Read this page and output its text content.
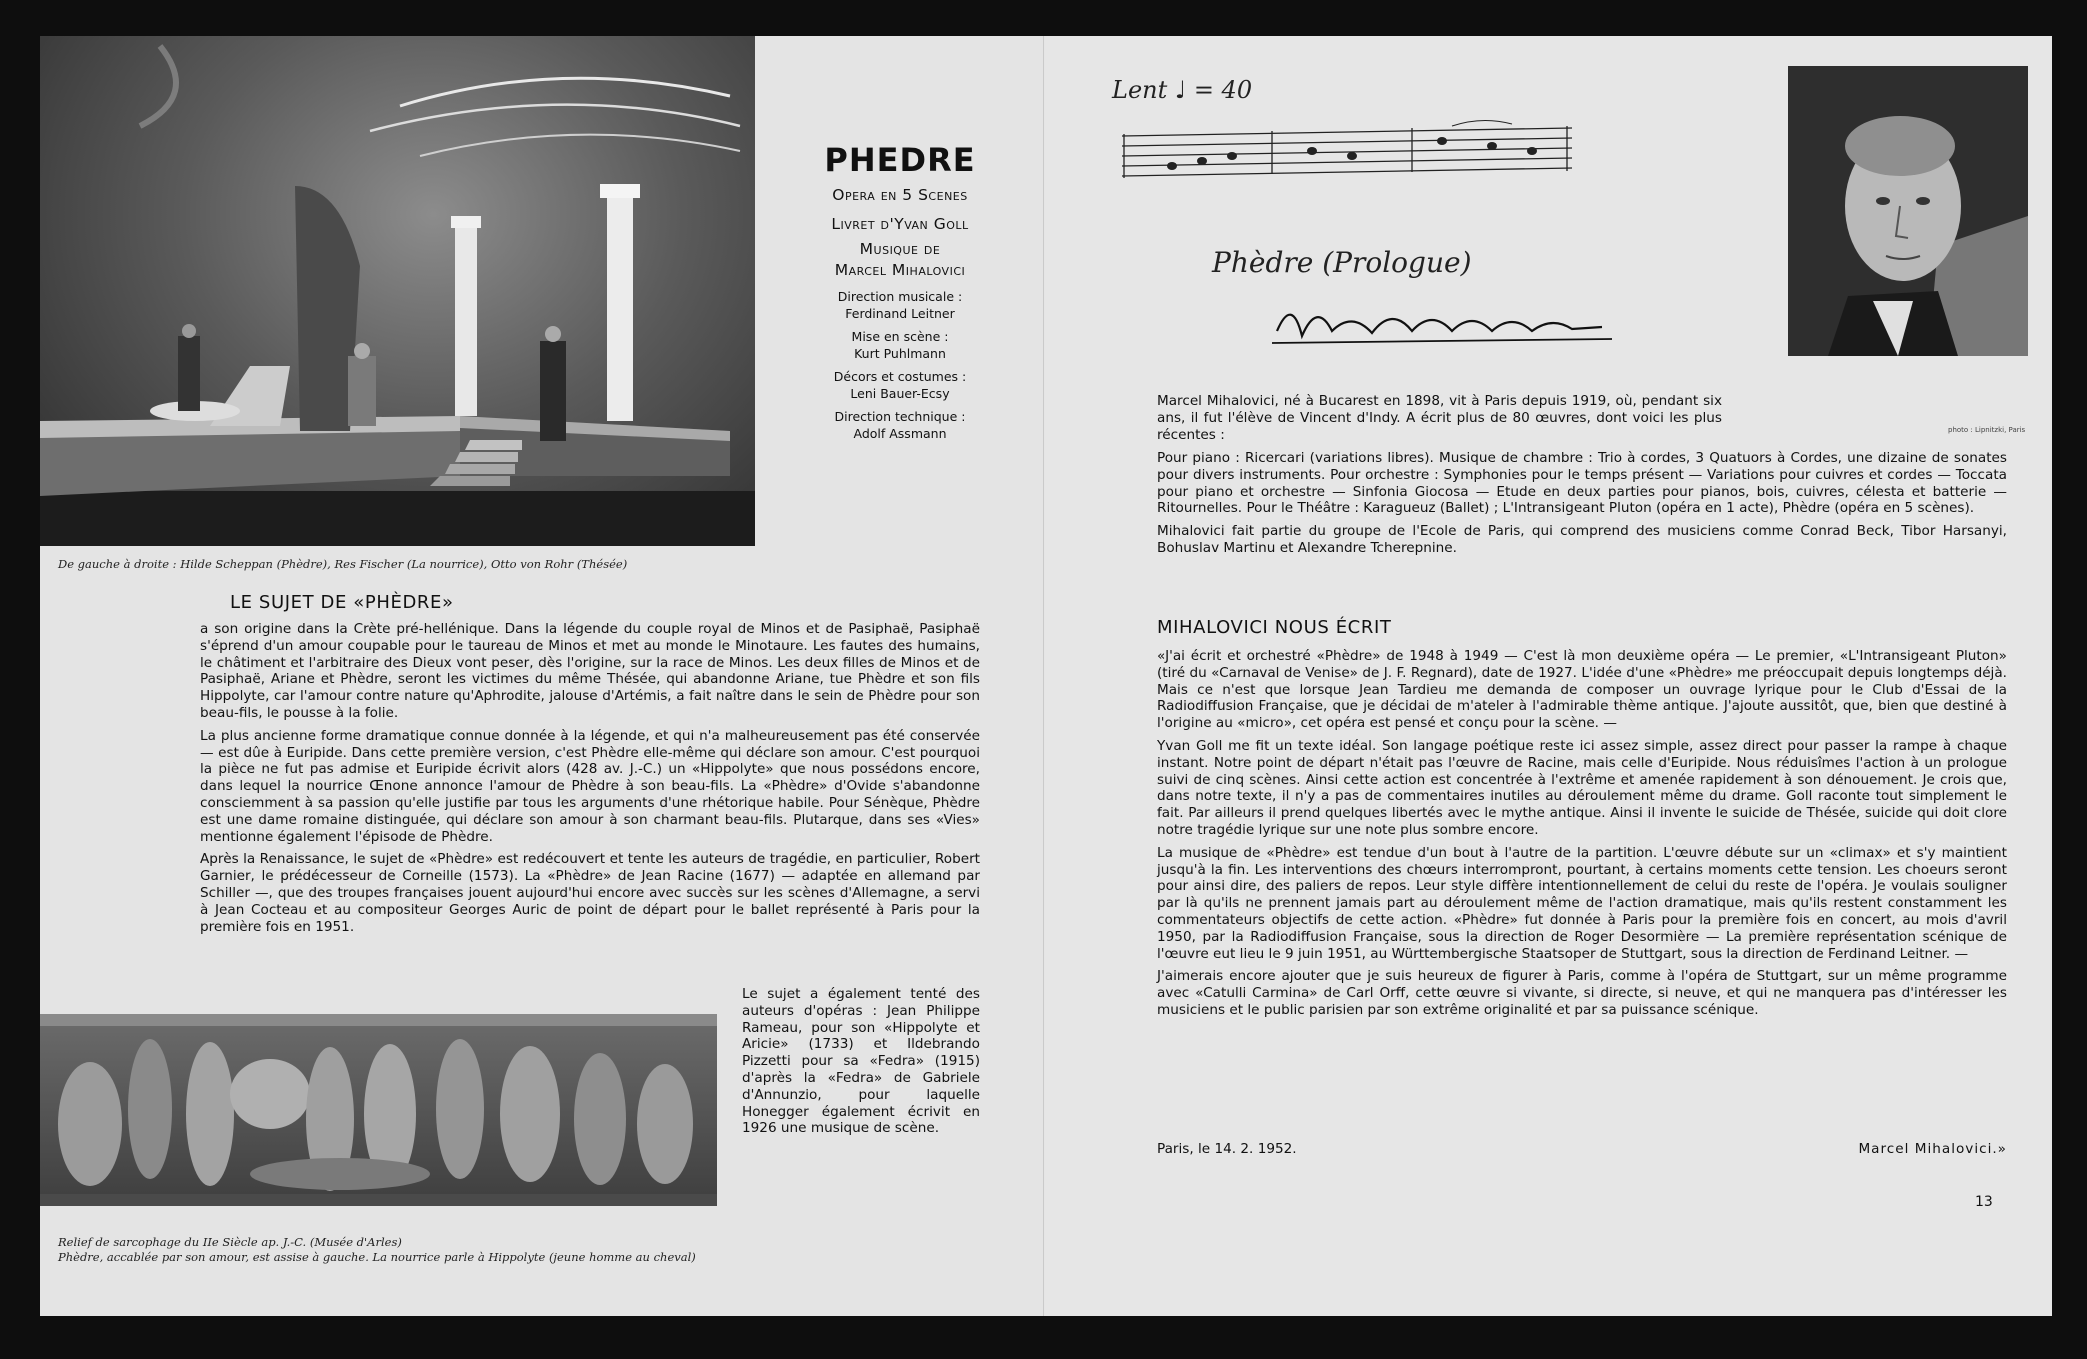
De gauche à droite : Hilde Scheppan (Phèdre), Res Fischer (La nourrice), Otto von Rohr (Thésée)
PHEDRE
Opera en 5 Scenes
Livret d'Yvan Goll
Musique de
Marcel Mihalovici
Direction musicale :
Ferdinand Leitner
Mise en scène :
Kurt Puhlmann
Décors et costumes :
Leni Bauer-Ecsy
Direction technique :
Adolf Assmann
LE SUJET DE «PHÈDRE»

a son origine dans la Crète pré-hellénique. Dans la légende du couple royal de Minos et de Pasiphaë, Pasiphaë s'éprend d'un amour coupable pour le taureau de Minos et met au monde le Minotaure. Les fautes des humains, le châtiment et l'arbitraire des Dieux vont peser, dès l'origine, sur la race de Minos. Les deux filles de Minos et de Pasiphaë, Ariane et Phèdre, seront les victimes du même Thésée, qui abandonne Ariane, tue Phèdre et son fils Hippolyte, car l'amour contre nature qu'Aphrodite, jalouse d'Artémis, a fait naître dans le sein de Phèdre pour son beau-fils, le pousse à la folie.

La plus ancienne forme dramatique connue donnée à la légende, et qui n'a malheureusement pas été conservée — est dûe à Euripide. Dans cette première version, c'est Phèdre elle-même qui déclare son amour. C'est pourquoi la pièce ne fut pas admise et Euripide écrivit alors (428 av. J.-C.) un «Hippolyte» que nous possédons encore, dans lequel la nourrice Œnone annonce l'amour de Phèdre à son beau-fils. La «Phèdre» d'Ovide s'abandonne consciemment à sa passion qu'elle justifie par tous les arguments d'une rhétorique habile. Pour Sénèque, Phèdre est une dame romaine distinguée, qui déclare son amour à son charmant beau-fils. Plutarque, dans ses «Vies» mentionne également l'épisode de Phèdre.

Après la Renaissance, le sujet de «Phèdre» est redécouvert et tente les auteurs de tragédie, en particulier, Robert Garnier, le prédécesseur de Corneille (1573). La «Phèdre» de Jean Racine (1677) — adaptée en allemand par Schiller —, que des troupes françaises jouent aujourd'hui encore avec succès sur les scènes d'Allemagne, a servi à Jean Cocteau et au compositeur Georges Auric de point de départ pour le ballet représenté à Paris pour la première fois en 1951.

Le sujet a également tenté des auteurs d'opéras : Jean Philippe Rameau, pour son «Hippolyte et Aricie» (1733) et Ildebrando Pizzetti pour sa «Fedra» (1915) d'après la «Fedra» de Gabriele d'Annunzio, pour laquelle Honegger également écrivit en 1926 une musique de scène.
Relief de sarcophage du IIe Siècle ap. J.-C. (Musée d'Arles)
Phèdre, accablée par son amour, est assise à gauche. La nourrice parle à Hippolyte (jeune homme au cheval)
Lent ♩ = 40
Phèdre (Prologue)
photo : Lipnitzki, Paris
Marcel Mihalovici, né à Bucarest en 1898, vit à Paris depuis 1919, où, pendant six ans, il fut l'élève de Vincent d'Indy. A écrit plus de 80 œuvres, dont voici les plus récentes :

Pour piano : Ricercari (variations libres). Musique de chambre : Trio à cordes, 3 Quatuors à Cordes, une dizaine de sonates pour divers instruments. Pour orchestre : Symphonies pour le temps présent — Variations pour cuivres et cordes — Toccata pour piano et orchestre — Sinfonia Giocosa — Etude en deux parties pour pianos, bois, cuivres, célesta et batterie — Ritournelles. Pour le Théâtre : Karagueuz (Ballet) ; L'Intransigeant Pluton (opéra en 1 acte), Phèdre (opéra en 5 scènes).

Mihalovici fait partie du groupe de l'Ecole de Paris, qui comprend des musiciens comme Conrad Beck, Tibor Harsanyi, Bohuslav Martinu et Alexandre Tcherepnine.

MIHALOVICI NOUS ÉCRIT

«J'ai écrit et orchestré «Phèdre» de 1948 à 1949 — C'est là mon deuxième opéra — Le premier, «L'Intransigeant Pluton» (tiré du «Carnaval de Venise» de J. F. Regnard), date de 1927. L'idée d'une «Phèdre» me préoccupait depuis longtemps déjà. Mais ce n'est que lorsque Jean Tardieu me demanda de composer un ouvrage lyrique pour le Club d'Essai de la Radiodiffusion Française, que je décidai de m'ateler à l'admirable thème antique. J'ajoute aussitôt, que, bien que destiné à l'origine au «micro», cet opéra est pensé et conçu pour la scène. —

Yvan Goll me fit un texte idéal. Son langage poétique reste ici assez simple, assez direct pour passer la rampe à chaque instant. Notre point de départ n'était pas l'œuvre de Racine, mais celle d'Euripide. Nous réduisîmes l'action à un prologue suivi de cinq scènes. Ainsi cette action est concentrée à l'extrême et amenée rapidement à son dénouement. Je crois que, dans notre texte, il n'y a pas de commentaires inutiles au déroulement même du drame. Goll raconte tout simplement le fait. Par ailleurs il prend quelques libertés avec le mythe antique. Ainsi il invente le suicide de Thésée, suicide qui doit clore notre tragédie lyrique sur une note plus sombre encore.

La musique de «Phèdre» est tendue d'un bout à l'autre de la partition. L'œuvre débute sur un «climax» et s'y maintient jusqu'à la fin. Les interventions des chœurs interrompront, pourtant, à certains moments cette tension. Les choeurs seront pour ainsi dire, des paliers de repos. Leur style diffère intentionnellement de celui du reste de l'opéra. Je voulais souligner par là qu'ils ne prennent jamais part au déroulement même de l'action dramatique, mais qu'ils restent constamment les commentateurs objectifs de cette action. «Phèdre» fut donnée à Paris pour la première fois en concert, au mois d'avril 1950, par la Radiodiffusion Française, sous la direction de Roger Desormière — La première représentation scénique de l'œuvre eut lieu le 9 juin 1951, au Württembergische Staatsoper de Stuttgart, sous la direction de Ferdinand Leitner. —

J'aimerais encore ajouter que je suis heureux de figurer à Paris, comme à l'opéra de Stuttgart, sur un même programme avec «Catulli Carmina» de Carl Orff, cette œuvre si vivante, si directe, si neuve, et qui ne manquera pas d'intéresser les musiciens et le public parisien par son extrême originalité et par sa puissance scénique.

Paris, le 14. 2. 1952.	Marcel Mihalovici.»
13
